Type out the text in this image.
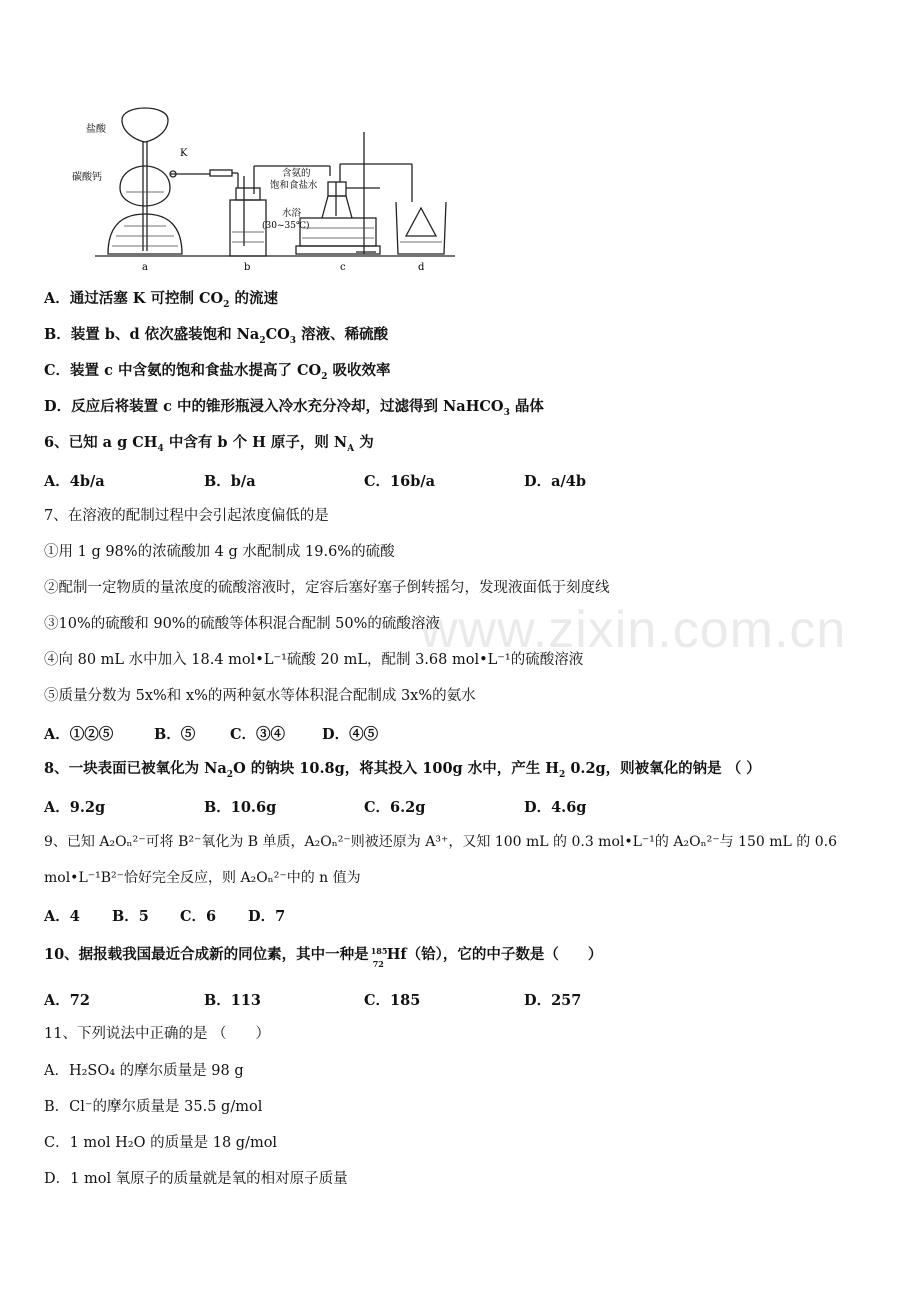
盐酸
K
碳酸钙	含氨的
饱和食盐水
水浴
(30~35℃)
a	b	c	d
www.zixin.com.cn
A．通过活塞 K 可控制 $CO_2$ 的流速
B．装置 b、d 依次盛装饱和 $Na_2CO_3$ 溶液、稀硫酸
C．装置 c 中含氨的饱和食盐水提高了 $CO_2$ 吸收效率
D．反应后将装置 c 中的锥形瓶浸入冷水充分冷却，过滤得到 NaHCO$_3$ 晶体
6、已知 a g $CH_4$ 中含有 b 个 H 原子，则 $N_A$ 为
A．4b/a	B．b/a	C．16b/a	D．a/4b
7、在溶液的配制过程中会引起浓度偏低的是
①用 1 g 98%的浓硫酸加 4 g 水配制成 19.6%的硫酸
②配制一定物质的量浓度的硫酸溶液时，定容后塞好塞子倒转摇匀，发现液面低于刻度线
③10%的硫酸和 90%的硫酸等体积混合配制 50%的硫酸溶液
④向 80 mL 水中加入 18.4 mol•L⁻¹硫酸 20 mL，配制 3.68 mol•L⁻¹的硫酸溶液
⑤质量分数为 5x%和 x%的两种氨水等体积混合配制成 3x%的氨水
A．①②⑤	B．⑤ C．③④	D．④⑤
8、一块表面已被氧化为 $Na_2O$ 的钠块 10.8g，将其投入 100g 水中，产生 $H_2$ 0.2g，则被氧化的钠是 （ ）
A．9.2g	B．10.6g	C．6.2g	D．4.6g
9、已知 A₂Oₙ²⁻可将 B²⁻氧化为 B 单质，A₂Oₙ²⁻则被还原为 A³⁺，又知 100 mL 的 0.3 mol•L⁻¹的 A₂Oₙ²⁻与 150 mL 的 0.6
mol•L⁻¹B²⁻恰好完全反应，则 A₂Oₙ²⁻中的 n 值为
A．4 B．5 C．6 D．7
10、据报载我国最近合成新的同位素，其中一种是 185
72
Hf（铪），它的中子数是（　　）
A．72	B．113	C．185	D．257
11、下列说法中正确的是 （　　）
A．H₂SO₄ 的摩尔质量是 98 g
B．Cl⁻的摩尔质量是 35.5 g/mol
C．1 mol H₂O 的质量是 18 g/mol
D．1 mol 氧原子的质量就是氧的相对原子质量
